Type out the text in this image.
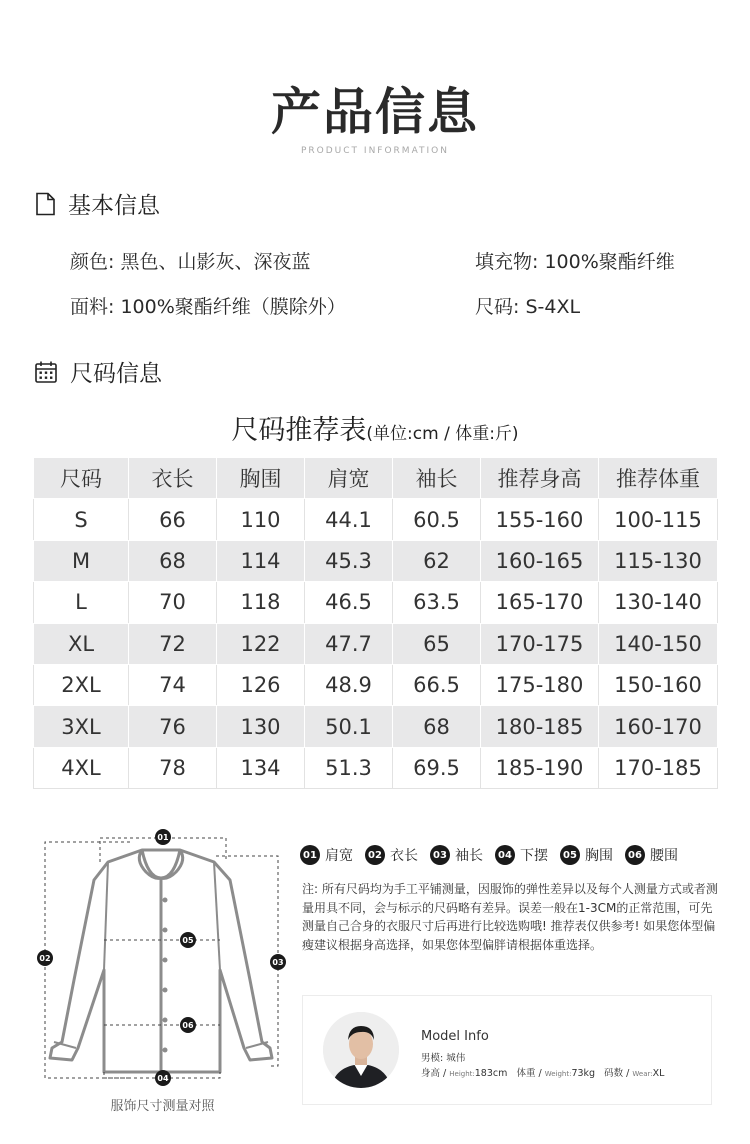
产品信息
PRODUCT INFORMATION
基本信息
颜色: 黑色、山影灰、深夜蓝	填充物: 100%聚酯纤维
面料: 100%聚酯纤维（膜除外）	尺码: S-4XL
尺码信息
尺码推荐表(单位:cm / 体重:斤)
尺码	衣长	胸围	肩宽	袖长	推荐身高	推荐体重
S	66	110	44.1	60.5	155-160	100-115
M	68	114	45.3	62	160-165	115-130
L	70	118	46.5	63.5	165-170	130-140
XL	72	122	47.7	65	170-175	140-150
2XL	74	126	48.9	66.5	175-180	150-160
3XL	76	130	50.1	68	180-185	160-170
4XL	78	134	51.3	69.5	185-190	170-185
01
02	03
04
05
06
服饰尺寸测量对照
01 肩宽	02 衣长	03 袖长	04 下摆	05 胸围	06 腰围
注: 所有尺码均为手工平铺测量，因服饰的弹性差异以及每个人测量方式或者测量用具不同，会与标示的尺码略有差异。误差一般在1-3CM的正常范围，可先测量自己合身的衣服尺寸后再进行比较选购哦! 推荐表仅供参考! 如果您体型偏瘦建议根据身高选择，如果您体型偏胖请根据体重选择。
Model Info
男模: 城伟
身高 / Height:183cm 体重 / Weight:73kg 码数 / Wear:XL
